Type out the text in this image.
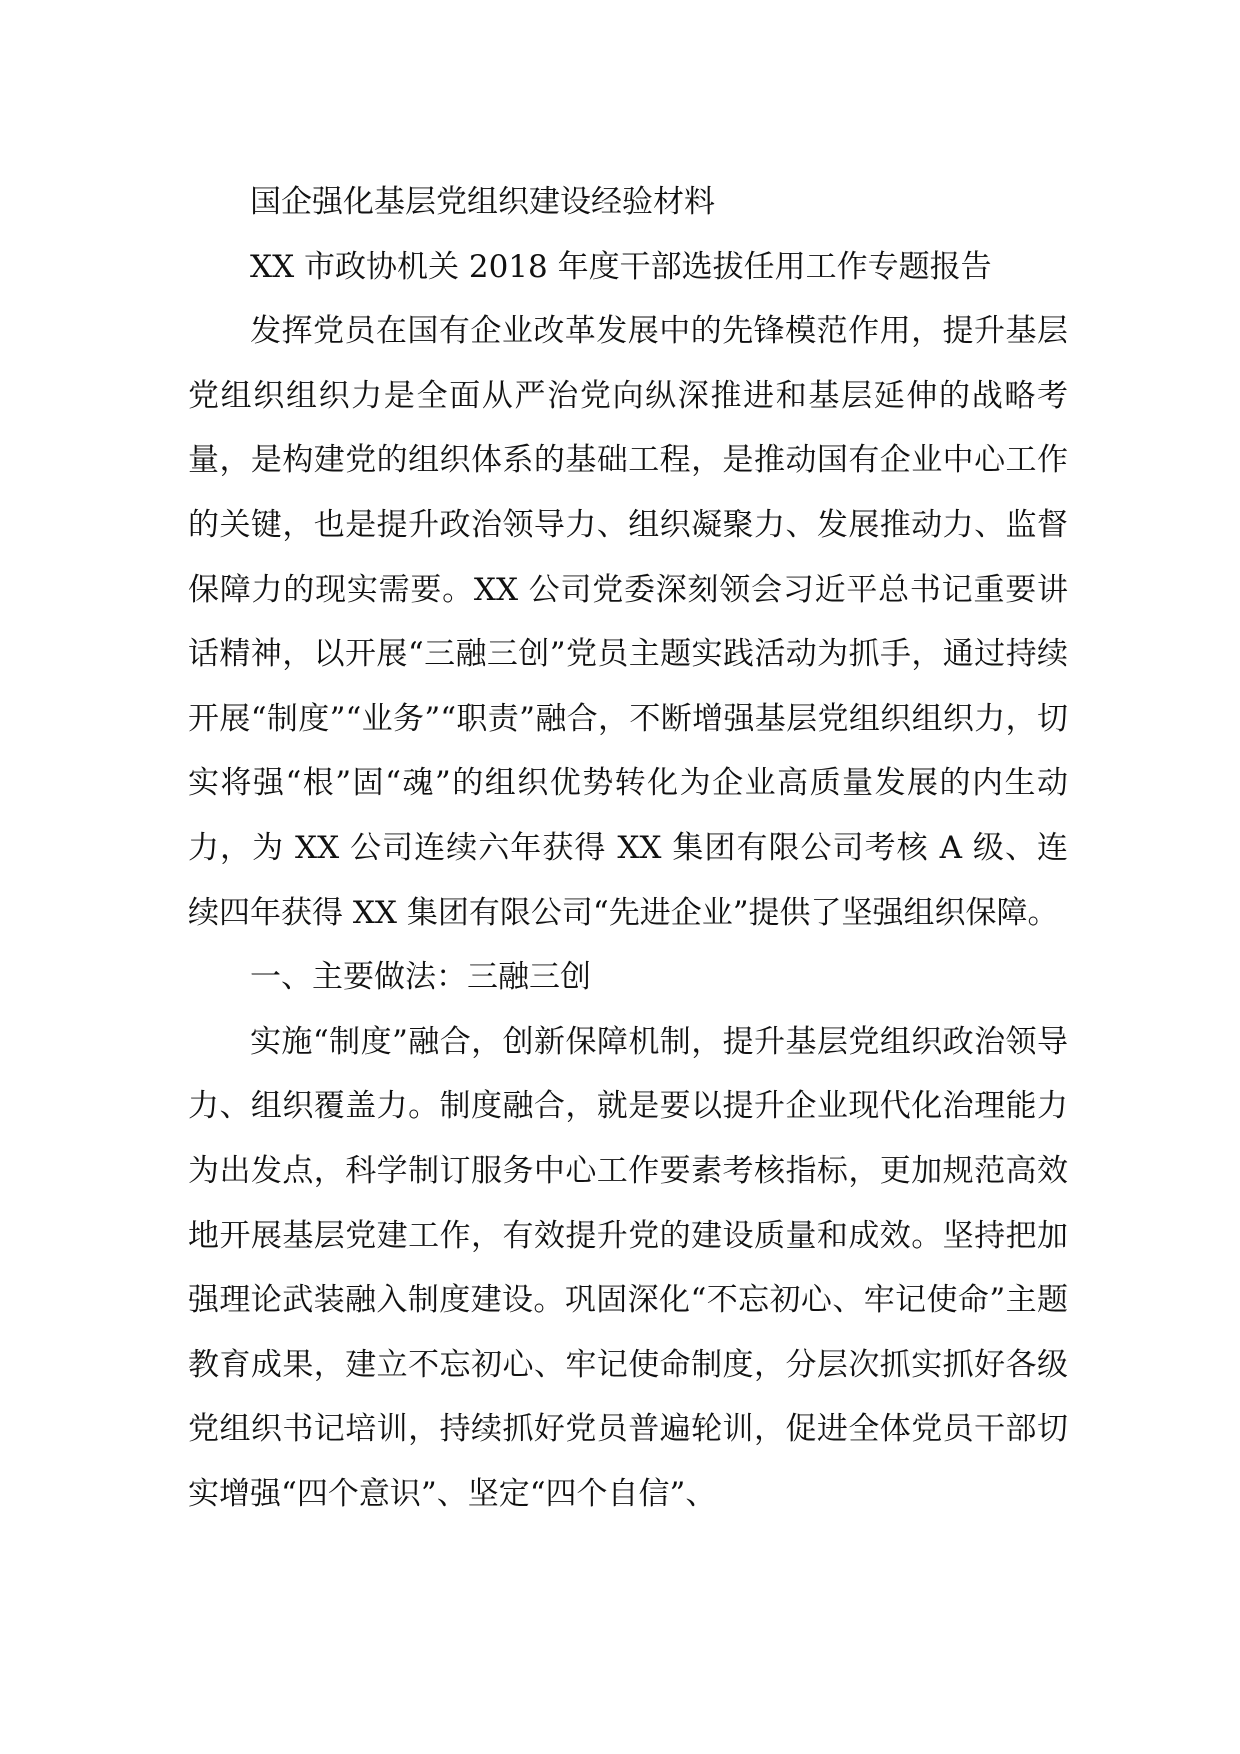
国企强化基层党组织建设经验材料

XX 市政协机关 2018 年度干部选拔任用工作专题报告

发挥党员在国有企业改革发展中的先锋模范作用，提升基层党组织组织力是全面从严治党向纵深推进和基层延伸的战略考量，是构建党的组织体系的基础工程，是推动国有企业中心工作的关键，也是提升政治领导力、组织凝聚力、发展推动力、监督保障力的现实需要。XX 公司党委深刻领会习近平总书记重要讲话精神，以开展“三融三创”党员主题实践活动为抓手，通过持续开展“制度”“业务”“职责”融合，不断增强基层党组织组织力，切实将强“根”固“魂”的组织优势转化为企业高质量发展的内生动力，为 XX 公司连续六年获得 XX 集团有限公司考核 A 级、连续四年获得 XX 集团有限公司“先进企业”提供了坚强组织保障。

一、主要做法：三融三创

实施“制度”融合，创新保障机制，提升基层党组织政治领导力、组织覆盖力。制度融合，就是要以提升企业现代化治理能力为出发点，科学制订服务中心工作要素考核指标，更加规范高效地开展基层党建工作，有效提升党的建设质量和成效。坚持把加强理论武装融入制度建设。巩固深化“不忘初心、牢记使命”主题教育成果，建立不忘初心、牢记使命制度，分层次抓实抓好各级党组织书记培训，持续抓好党员普遍轮训，促进全体党员干部切实增强“四个意识”、坚定“四个自信”、
